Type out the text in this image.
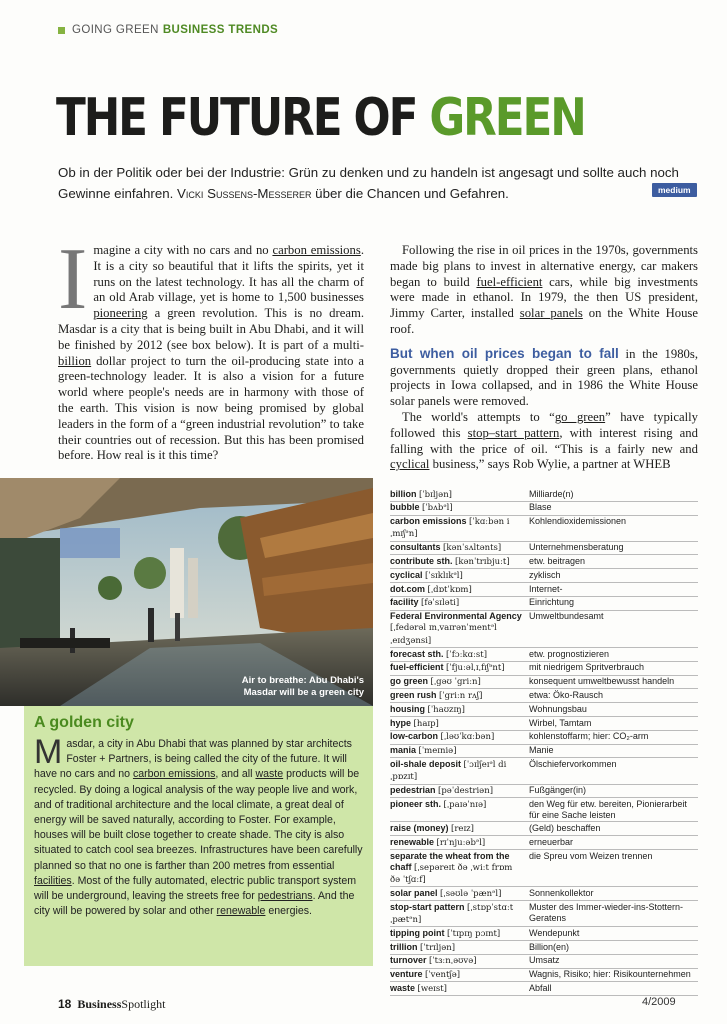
GOING GREEN BUSINESS TRENDS
THE FUTURE OF GREEN

Ob in der Politik oder bei der Industrie: Grün zu denken und zu handeln ist angesagt und sollte auch noch Gewinne einfahren. Vicki Sussens-Messerer über die Chancen und Gefahren.	medium
I magine a city with no cars and no carbon emissions. It is a city so beautiful that it lifts the spirits, yet it runs on the latest technology. It has all the charm of an old Arab village, yet is home to 1,500 businesses pioneering a green revolution. This is no dream. Masdar is a city that is being built in Abu Dhabi, and it will be finished by 2012 (see box below). It is part of a multi-billion dollar project to turn the oil-producing state into a green-technology leader. It is also a vision for a future world where people's needs are in harmony with those of the earth. This vision is now being promised by global leaders in the form of a “green industrial revolution” to take their countries out of recession. But this has been promised before. How real is it this time?

Following the rise in oil prices in the 1970s, governments made big plans to invest in alternative energy, car makers began to build fuel-efficient cars, while big investments were made in ethanol. In 1979, the then US president, Jimmy Carter, installed solar panels on the White House roof.

But when oil prices began to fall in the 1980s, governments quietly dropped their green plans, ethanol projects in Iowa collapsed, and in 1986 the White House solar panels were removed.

The world's attempts to “go green” have typically followed this stop–start pattern, with interest rising and falling with the price of oil. “This is a fairly new and cyclical business,” says Rob Wylie, a partner at WHEB

Air to breathe: Abu Dhabi's
Masdar will be a green city
A golden city
Masdar, a city in Abu Dhabi that was planned by star architects Foster + Partners, is being called the city of the future. It will have no cars and no carbon emissions, and all waste products will be recycled. By doing a logical analysis of the way people live and work, and of traditional architecture and the local climate, a great deal of energy will be saved naturally, according to Foster. For example, houses will be built close together to create shade. The city is also situated to catch cool sea breezes. Infrastructures have been carefully planned so that no one is farther than 200 metres from essential facilities. Most of the fully automated, electric public transport system will be underground, leaving the streets free for pedestrians. And the city will be powered by solar and other renewable energies.
billion [ˈbɪljən]	Milliarde(n)
bubble [ˈbʌbᵊl]	Blase
carbon emissions [ˈkɑːbən iˌmɪʃᵊn]	Kohlendioxidemissionen
consultants [kənˈsʌltənts]	Unternehmensberatung
contribute sth. [kənˈtrɪbjuːt]	etw. beitragen
cyclical [ˈsɪklɪkᵊl]	zyklisch
dot.com [ˌdɒtˈkɒm]	Internet-
facility [fəˈsɪləti]	Einrichtung
Federal Environmental Agency [ˌfedərəl ɪnˌvaɪrənˈmentᵊl ˌeɪdʒənsi]	Umweltbundesamt
forecast sth. [ˈfɔːkɑːst]	etw. prognostizieren
fuel-efficient [ˈfjuːəlˌɪˌfɪʃᵊnt]	mit niedrigem Spritverbrauch
go green [ˌgəʊ ˈgriːn]	konsequent umweltbewusst handeln
green rush [ˈgriːn rʌʃ]	etwa: Öko-Rausch
housing [ˈhaʊzɪŋ]	Wohnungsbau
hype [haɪp]	Wirbel, Tamtam
low-carbon [ˌləʊˈkɑːbən]	kohlenstoffarm; hier: CO₂-arm
mania [ˈmeɪniə]	Manie
oil-shale deposit [ˈɔɪlʃeɪᵊl diˌpɒzɪt]	Ölschiefervorkommen
pedestrian [pəˈdestriən]	Fußgänger(in)
pioneer sth. [ˌpaɪəˈnɪə]	den Weg für etw. bereiten, Pionierarbeit für eine Sache leisten
raise (money) [reɪz]	(Geld) beschaffen
renewable [rɪˈnjuːəbᵊl]	erneuerbar
separate the wheat from the chaff [ˌsepəreɪt ðə ˌwiːt frɒm ðə ˈtʃɑːf]	die Spreu vom Weizen trennen
solar panel [ˌsəʊlə ˈpænᵊl]	Sonnenkollektor
stop-start pattern [ˌstɒpˈstɑːt ˌpætᵊn]	Muster des Immer-wieder-ins-Stottern-Geratens
tipping point [ˈtɪpɪŋ pɔɪnt]	Wendepunkt
trillion [ˈtrɪljən]	Billion(en)
turnover [ˈtɜːnˌəʊvə]	Umsatz
venture [ˈventʃə]	Wagnis, Risiko; hier: Risikounternehmen
waste [weɪst]	Abfall
18 Business Spotlight	4/2009
